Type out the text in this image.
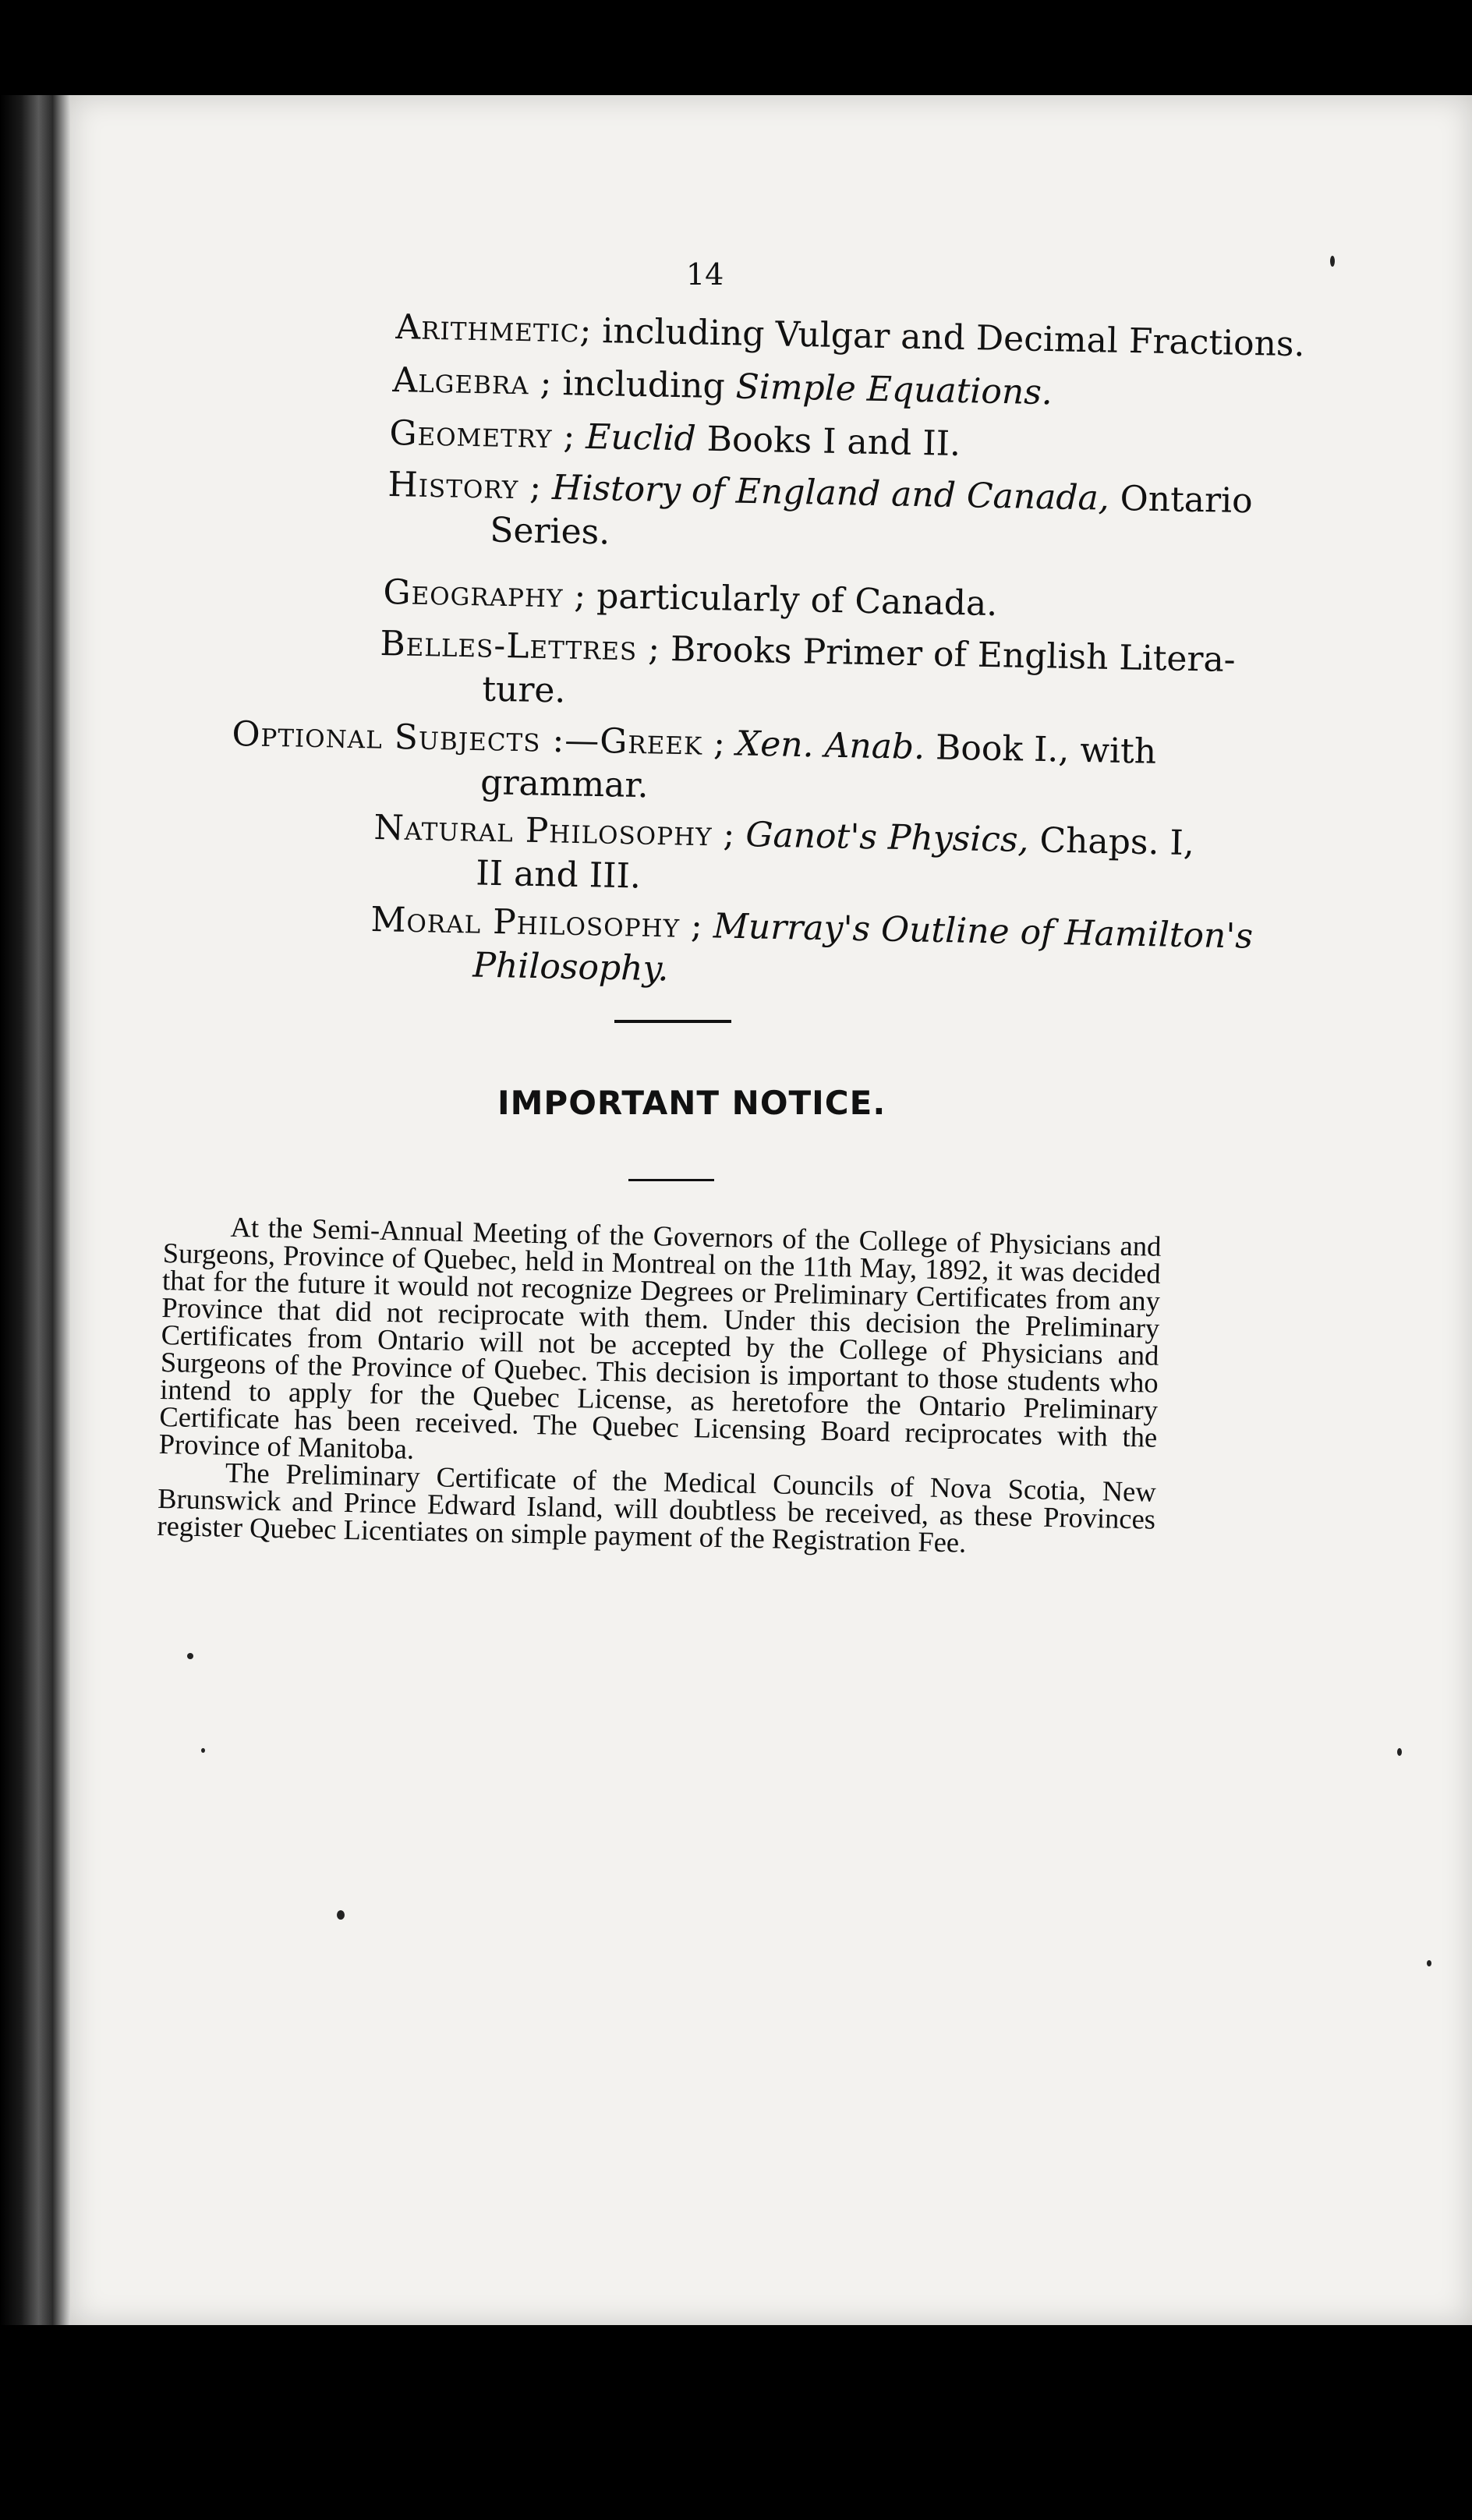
14
Arithmetic; including Vulgar and Decimal Fractions.
Algebra ; including Simple Equations.
Geometry ; Euclid Books I and II.
History ; History of England and Canada, Ontario
Series.
Geography ; particularly of Canada.
Belles-Lettres ; Brooks Primer of English Litera-
ture.
Optional Subjects :—Greek ; Xen. Anab. Book I., with
grammar.
Natural Philosophy ; Ganot's Physics, Chaps. I,
II and III.
Moral Philosophy ; Murray's Outline of Hamilton's
Philosophy.
IMPORTANT NOTICE.

At the Semi-Annual Meeting of the Governors of the College of Physicians and Surgeons, Province of Quebec, held in Montreal on the 11th May, 1892, it was decided that for the future it would not recognize Degrees or Preliminary Certificates from any Province that did not reciprocate with them. Under this decision the Preliminary Certificates from Ontario will not be accepted by the College of Physicians and Surgeons of the Province of Quebec. This decision is important to those students who intend to apply for the Quebec License, as heretofore the Ontario Preliminary Certificate has been received. The Quebec Licensing Board reciprocates with the Province of Manitoba.

The Preliminary Certificate of the Medical Councils of Nova Scotia, New Brunswick and Prince Edward Island, will doubtless be received, as these Provinces register Quebec Licentiates on simple payment of the Registration Fee.
